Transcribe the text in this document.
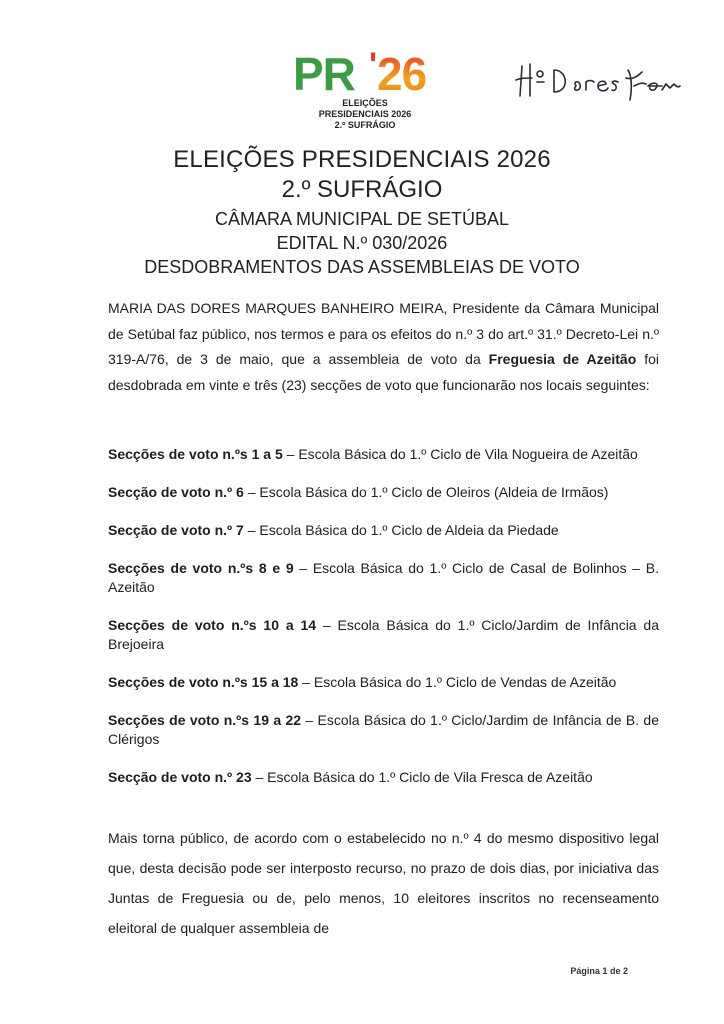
PR ' 26
ELEIÇÕES
PRESIDENCIAIS 2026
2.º SUFRÁGIO
ELEIÇÕES PRESIDENCIAIS 2026
2.º SUFRÁGIO
CÂMARA MUNICIPAL DE SETÚBAL
EDITAL N.º 030/2026
DESDOBRAMENTOS DAS ASSEMBLEIAS DE VOTO
MARIA DAS DORES MARQUES BANHEIRO MEIRA, Presidente da Câmara Municipal de Setúbal faz público, nos termos e para os efeitos do n.º 3 do art.º 31.º Decreto-Lei n.º 319-A/76, de 3 de maio, que a assembleia de voto da Freguesia de Azeitão foi desdobrada em vinte e três (23) secções de voto que funcionarão nos locais seguintes:

Secções de voto n.ºs 1 a 5 – Escola Básica do 1.º Ciclo de Vila Nogueira de Azeitão

Secção de voto n.º 6 – Escola Básica do 1.º Ciclo de Oleiros (Aldeia de Irmãos)

Secção de voto n.º 7 – Escola Básica do 1.º Ciclo de Aldeia da Piedade

Secções de voto n.ºs 8 e 9 – Escola Básica do 1.º Ciclo de Casal de Bolinhos – B. Azeitão

Secções de voto n.ºs 10 a 14 – Escola Básica do 1.º Ciclo/Jardim de Infância da Brejoeira

Secções de voto n.ºs 15 a 18 – Escola Básica do 1.º Ciclo de Vendas de Azeitão

Secções de voto n.ºs 19 a 22 – Escola Básica do 1.º Ciclo/Jardim de Infância de B. de Clérigos

Secção de voto n.º 23 – Escola Básica do 1.º Ciclo de Vila Fresca de Azeitão

Mais torna público, de acordo com o estabelecido no n.º 4 do mesmo dispositivo legal que, desta decisão pode ser interposto recurso, no prazo de dois dias, por iniciativa das Juntas de Freguesia ou de, pelo menos, 10 eleitores inscritos no recenseamento eleitoral de qualquer assembleia de
Página 1 de 2
